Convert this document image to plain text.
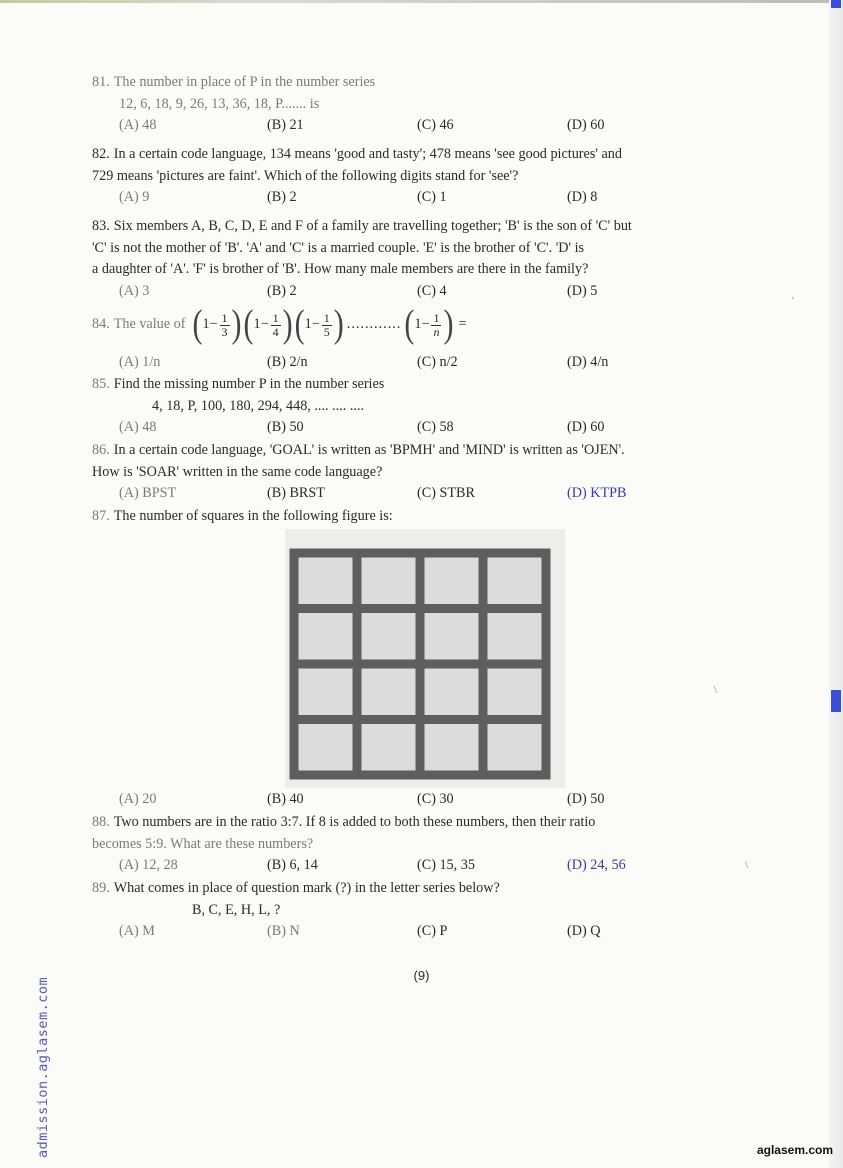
81. The number in place of P in the number series
12, 6, 18, 9, 26, 13, 36, 18, P....... is
(A) 48	(B) 21	(C) 46	(D) 60
82. In a certain code language, 134 means 'good and tasty'; 478 means 'see good pictures' and
729 means 'pictures are faint'. Which of the following digits stand for 'see'?
(A) 9	(B) 2	(C) 1	(D) 8
83. Six members A, B, C, D, E and F of a family are travelling together; 'B' is the son of 'C' but
'C' is not the mother of 'B'. 'A' and 'C' is a married couple. 'E' is the brother of 'C'. 'D' is
a daughter of 'A'. 'F' is brother of 'B'. How many male members are there in the family?
(A) 3	(B) 2	(C) 4	(D) 5
84. The value of ( $1 - \frac{1}{3}$ ) ( $1 - \frac{1}{4}$ ) ( $1 - \frac{1}{5}$ ) ............ ( $1 - \frac{1}{n}$ ) =
(A) 1/n	(B) 2/n	(C) n/2	(D) 4/n
85. Find the missing number P in the number series
4, 18, P, 100, 180, 294, 448, .... .... ....
(A) 48	(B) 50	(C) 58	(D) 60
86. In a certain code language, 'GOAL' is written as 'BPMH' and 'MIND' is written as 'OJEN'.
How is 'SOAR' written in the same code language?
(A) BPST	(B) BRST	(C) STBR	(D) KTPB
87. The number of squares in the following figure is:
(A) 20	(B) 40	(C) 30	(D) 50
88. Two numbers are in the ratio 3:7. If 8 is added to both these numbers, then their ratio
becomes 5:9. What are these numbers?
(A) 12, 28	(B) 6, 14	(C) 15, 35	(D) 24, 56
89. What comes in place of question mark (?) in the letter series below?
B, C, E, H, L, ?
(A) M	(B) N	(C) P	(D) Q
(9)
admission.aglasem.com	aglasem.com
'
\
\
